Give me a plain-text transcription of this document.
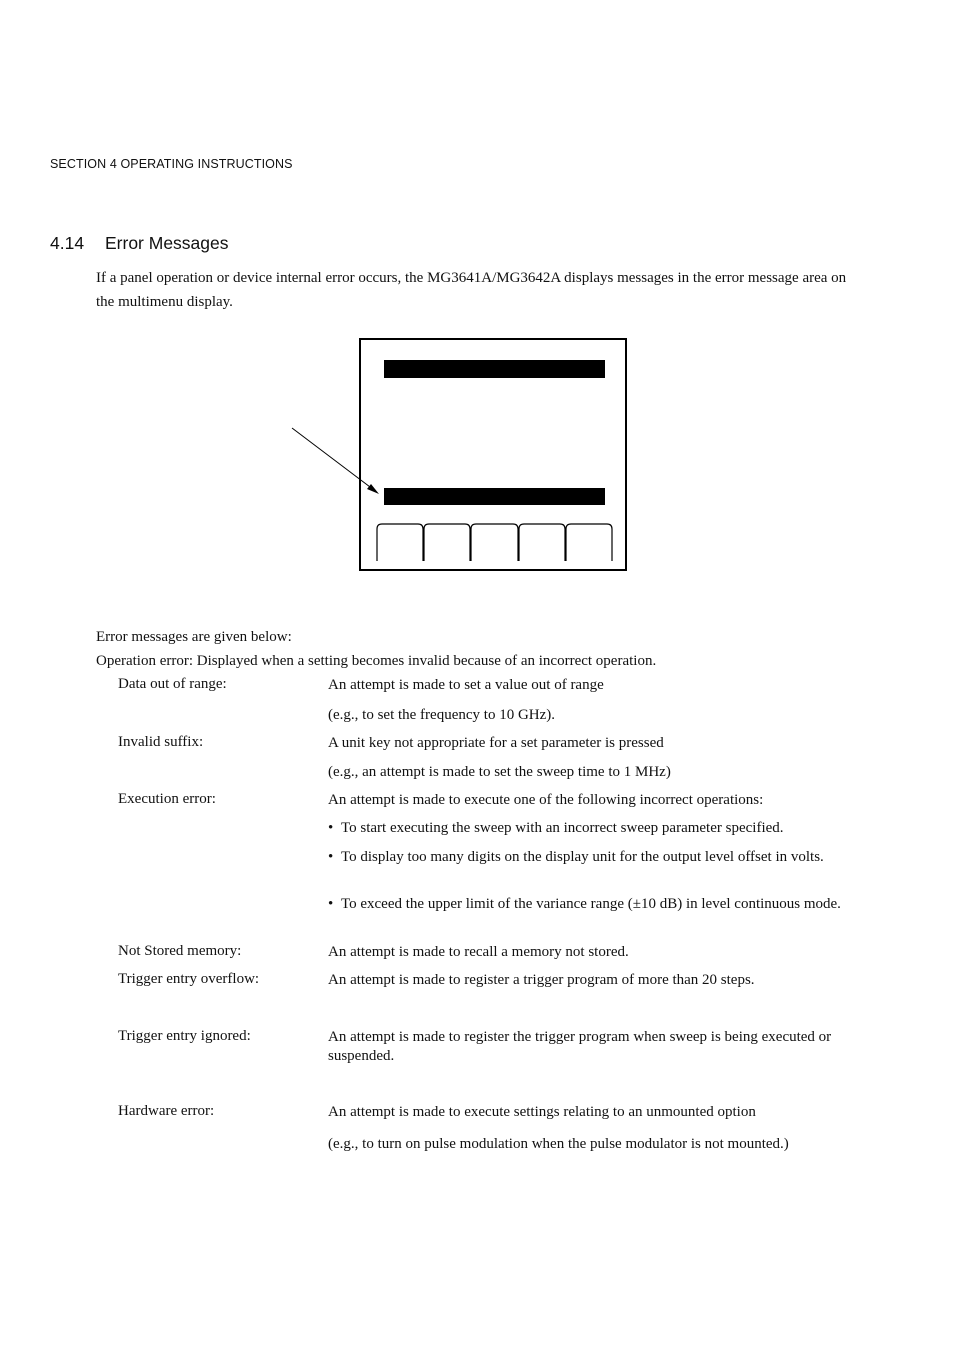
SECTION 4 OPERATING INSTRUCTIONS
4.14 Error Messages
If a panel operation or device internal error occurs, the MG3641A/MG3642A displays messages in the error message area on the multimenu display.
Error messages are given below:
Operation error: Displayed when a setting becomes invalid because of an incorrect operation.
Data out of range:	An attempt is made to set a value out of range
(e.g., to set the frequency to 10 GHz).
Invalid suffix:	A unit key not appropriate for a set parameter is pressed
(e.g., an attempt is made to set the sweep time to 1 MHz)
Execution error:	An attempt is made to execute one of the following incorrect operations:
• To start executing the sweep with an incorrect sweep parameter specified.
• To display too many digits on the display unit for the output level offset in volts.
• To exceed the upper limit of the variance range (±10 dB) in level continuous mode.
Not Stored memory:	An attempt is made to recall a memory not stored.
Trigger entry overflow:	An attempt is made to register a trigger program of more than 20 steps.
Trigger entry ignored:	An attempt is made to register the trigger program when sweep is being executed or suspended.
Hardware error:	An attempt is made to execute settings relating to an unmounted option
(e.g., to turn on pulse modulation when the pulse modulator is not mounted.)
